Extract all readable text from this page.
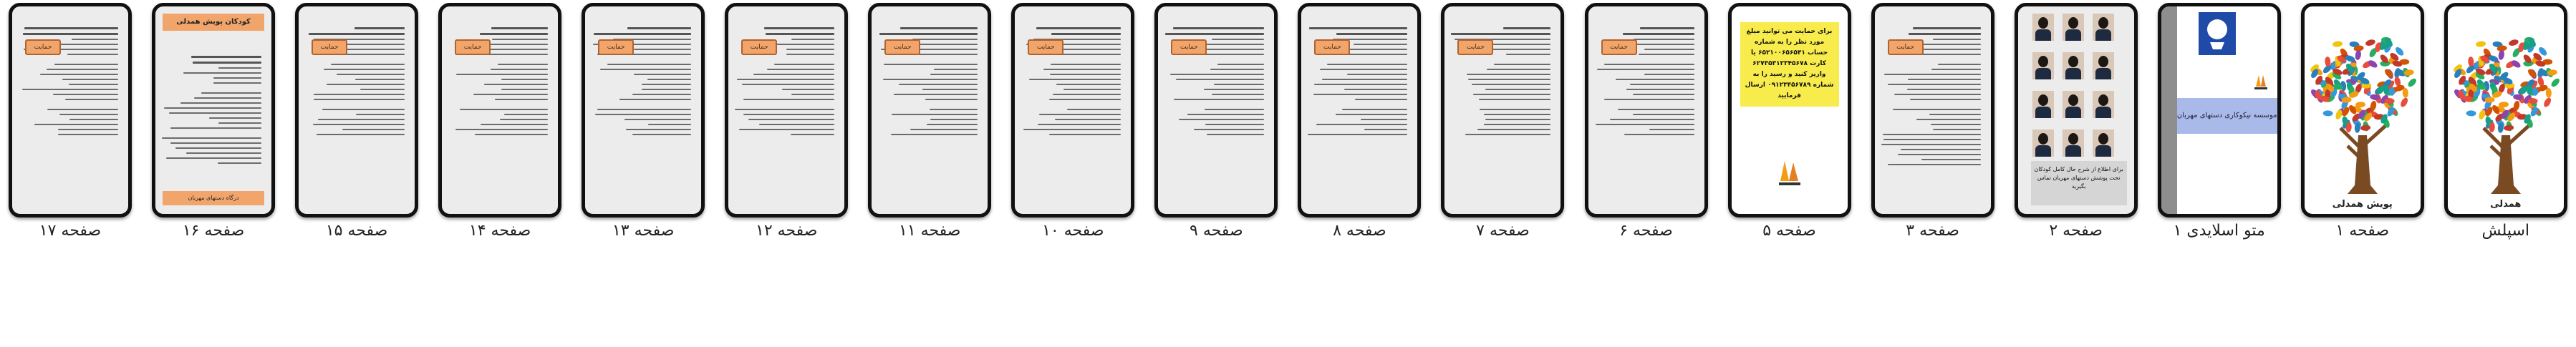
حمایت
صفحه ۱۷
کودکان پویش همدلی
درگاه دستهای مهربان
صفحه ۱۶
حمایت
صفحه ۱۵
حمایت
صفحه ۱۴
حمایت
صفحه ۱۳
حمایت
صفحه ۱۲
حمایت
صفحه ۱۱
حمایت
صفحه ۱۰
حمایت
صفحه ۹
حمایت
صفحه ۸
حمایت
صفحه ۷
حمایت
صفحه ۶
برای حمایت می توانید مبلغ مورد نظر را به شماره حساب ۶۵۲۱۰۰۶۵۶۵۴۱ یا کارت ۶۲۷۳۵۳۱۲۳۴۵۶۷۸ واریز کنید و رسید را به شماره ۰۹۱۲۳۴۵۶۷۸۹ ارسال فرمایید
صفحه ۵
حمایت
صفحه ۳
برای اطلاع از شرح حال کامل کودکان تحت پوشش دستهای مهربان تماس بگیرید
صفحه ۲
موسسه نیکوکاری دستهای مهربان
متو اسلایدی ۱
پویش همدلی
صفحه ۱
همدلی
اسپلش
